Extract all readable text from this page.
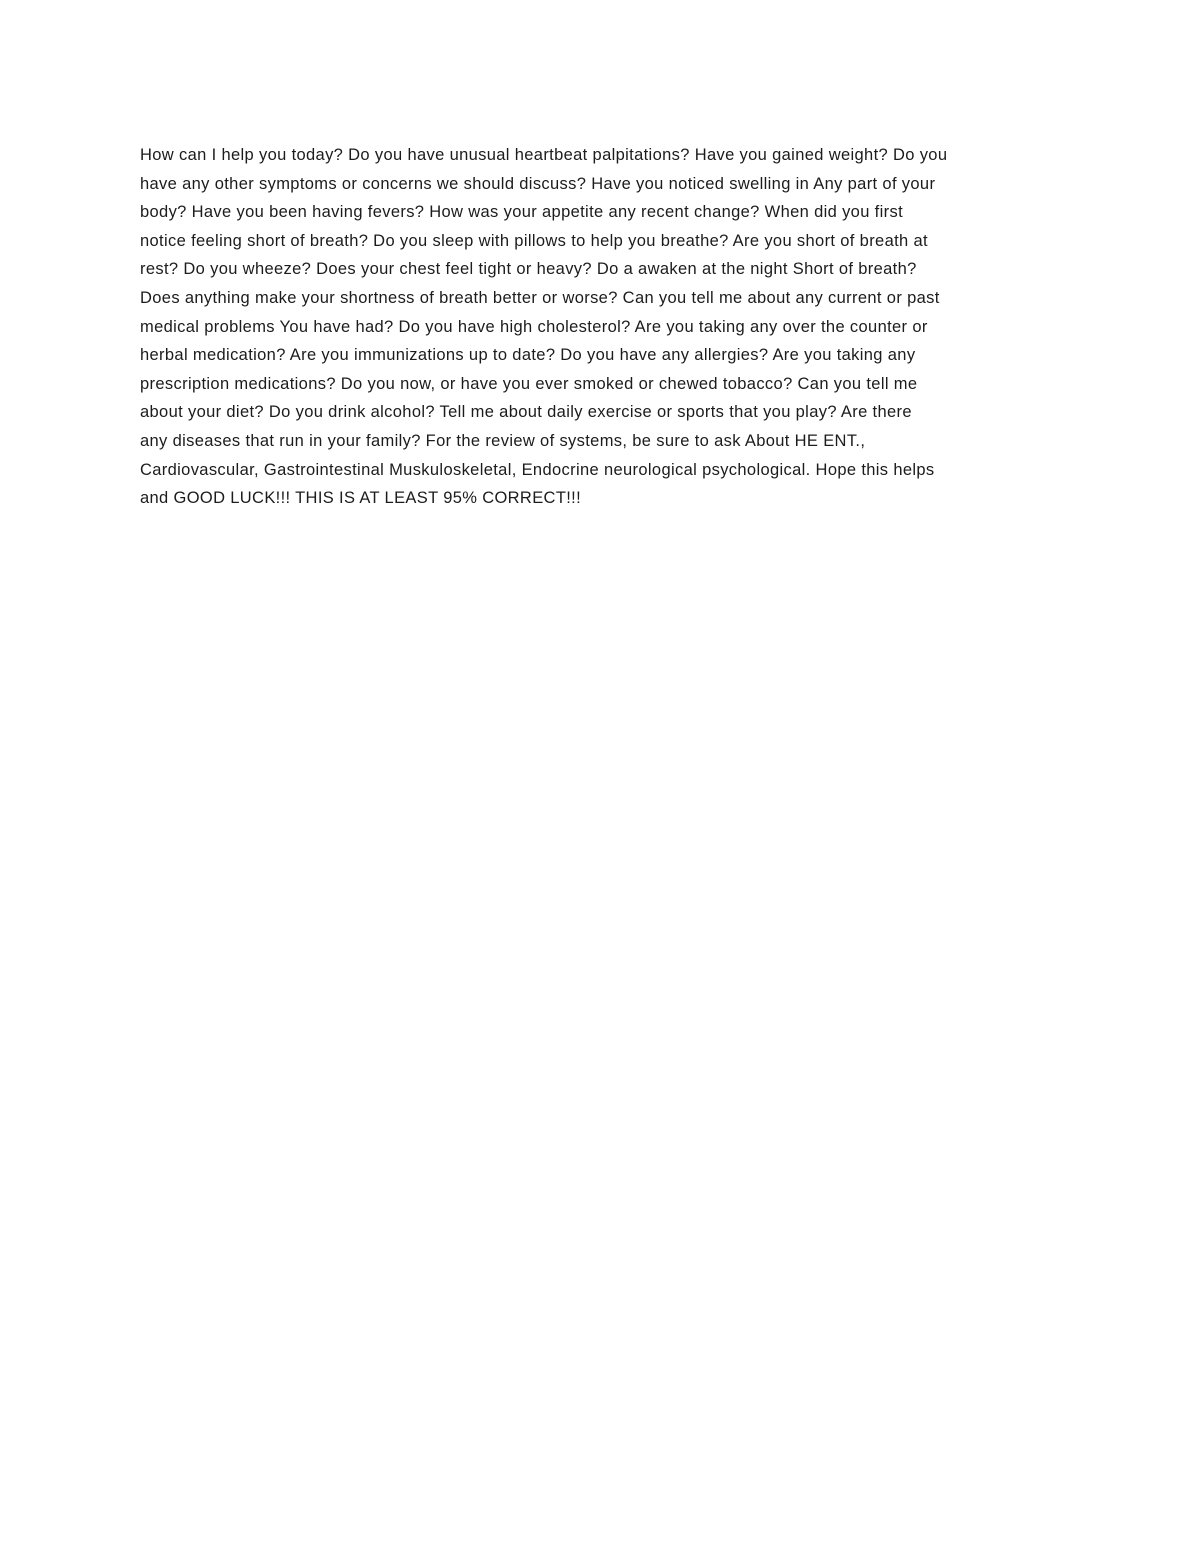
How can I help you today? Do you have unusual heartbeat palpitations? Have you gained weight? Do you
have any other symptoms or concerns we should discuss? Have you noticed swelling in Any part of your
body? Have you been having fevers? How was your appetite any recent change? When did you first
notice feeling short of breath? Do you sleep with pillows to help you breathe? Are you short of breath at
rest? Do you wheeze? Does your chest feel tight or heavy? Do a awaken at the night Short of breath?
Does anything make your shortness of breath better or worse? Can you tell me about any current or past
medical problems You have had? Do you have high cholesterol? Are you taking any over the counter or
herbal medication? Are you immunizations up to date? Do you have any allergies? Are you taking any
prescription medications? Do you now, or have you ever smoked or chewed tobacco? Can you tell me
about your diet? Do you drink alcohol? Tell me about daily exercise or sports that you play? Are there
any diseases that run in your family? For the review of systems, be sure to ask About HE ENT.,
Cardiovascular, Gastrointestinal Muskuloskeletal, Endocrine neurological psychological. Hope this helps
and GOOD LUCK!!! THIS IS AT LEAST 95% CORRECT!!!
